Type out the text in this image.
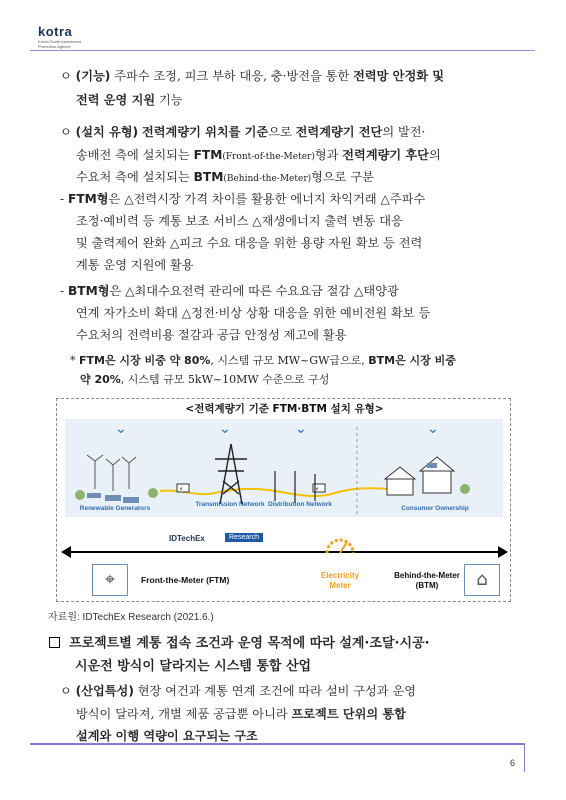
kotra
Korea Trade-Investment Promotion Agency
ㅇ (기능) 주파수 조정, 피크 부하 대응, 충·방전을 통한 전력망 안정화 및
전력 운영 지원 기능
ㅇ (설치 유형) 전력계량기 위치를 기준으로 전력계량기 전단의 발전·
송배전 측에 설치되는 FTM(Front-of-the-Meter)형과 전력계량기 후단의
수요처 측에 설치되는 BTM(Behind-the-Meter)형으로 구분
- FTM형은 △전력시장 가격 차이를 활용한 에너지 차익거래 △주파수
조정·예비력 등 계통 보조 서비스 △재생에너지 출력 변동 대응
및 출력제어 완화 △피크 수요 대응을 위한 용량 자원 확보 등 전력
계통 운영 지원에 활용
- BTM형은 △최대수요전력 관리에 따른 수요요금 절감 △태양광
연계 자가소비 확대 △정전·비상 상황 대응을 위한 예비전원 확보 등
수요처의 전력비용 절감과 공급 안정성 제고에 활용
* FTM은 시장 비중 약 80%, 시스템 규모 MW~GW급으로, BTM은 시장 비중
약 20%, 시스템 규모 5kW~10MW 수준으로 구성
ㅇ (산업특성) 현장 여건과 계통 연계 조건에 따라 설비 구성과 운영
방식이 달라져, 개별 제품 공급뿐 아니라 프로젝트 단위의 통합
설계와 이행 역량이 요구되는 구조
<전력계량기 기준 FTM·BTM 설치 유형>
⌄	⌄	⌄	⌄
⚡	⚡
Renewable Generators
Transmission Network Distribution Network
Consumer Ownership
IDTechEx	Research
⌖	Front-the-Meter (FTM)	Electricity Meter
Behind-the-Meter (BTM)	⌂
자료원: IDTechEx Research (2021.6.)
프로젝트별 계통 접속 조건과 운영 목적에 따라 설계·조달·시공·
시운전 방식이 달라지는 시스템 통합 산업
6
